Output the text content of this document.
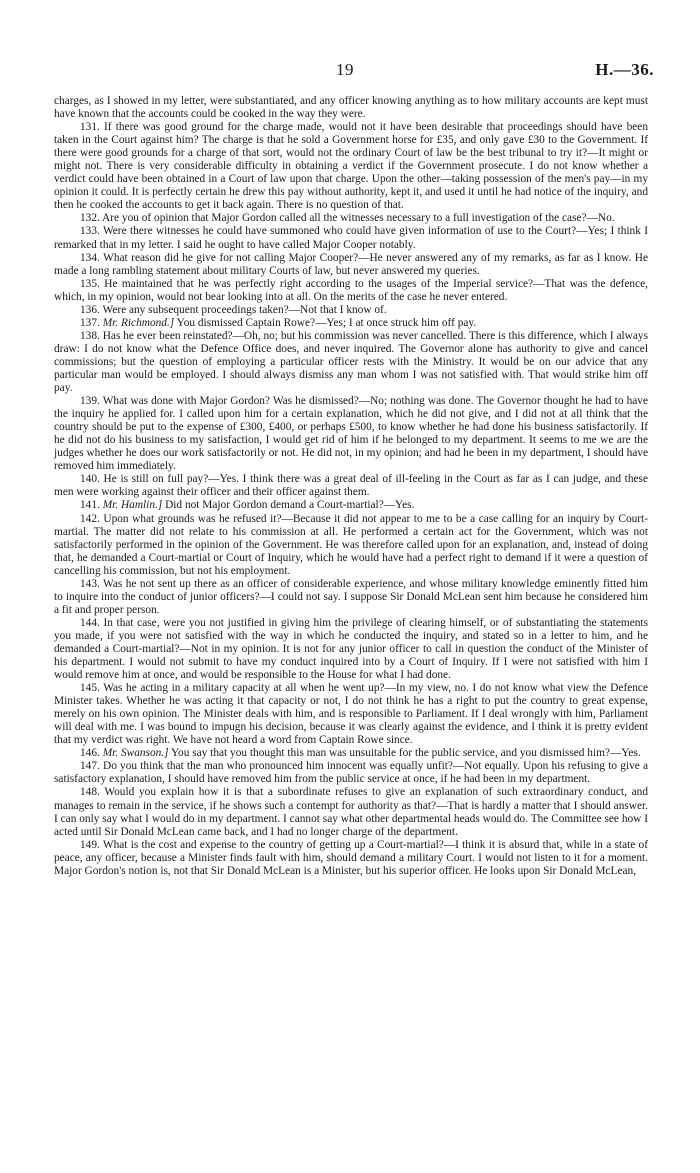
19	H.—36.

charges, as I showed in my letter, were substantiated, and any officer knowing anything as to how military accounts are kept must have known that the accounts could be cooked in the way they were.

131. If there was good ground for the charge made, would not it have been desirable that proceedings should have been taken in the Court against him? The charge is that he sold a Government horse for £35, and only gave £30 to the Government. If there were good grounds for a charge of that sort, would not the ordinary Court of law be the best tribunal to try it?—It might or might not. There is very considerable difficulty in obtaining a verdict if the Government prosecute. I do not know whether a verdict could have been obtained in a Court of law upon that charge. Upon the other—taking possession of the men's pay—in my opinion it could. It is perfectly certain he drew this pay without authority, kept it, and used it until he had notice of the inquiry, and then he cooked the accounts to get it back again. There is no question of that.

132. Are you of opinion that Major Gordon called all the witnesses necessary to a full investigation of the case?—No.

133. Were there witnesses he could have summoned who could have given information of use to the Court?—Yes; I think I remarked that in my letter. I said he ought to have called Major Cooper notably.

134. What reason did he give for not calling Major Cooper?—He never answered any of my remarks, as far as I know. He made a long rambling statement about military Courts of law, but never answered my queries.

135. He maintained that he was perfectly right according to the usages of the Imperial service?—That was the defence, which, in my opinion, would not bear looking into at all. On the merits of the case he never entered.

136. Were any subsequent proceedings taken?—Not that I know of.

137. Mr. Richmond.] You dismissed Captain Rowe?—Yes; I at once struck him off pay.

138. Has he ever been reinstated?—Oh, no; but his commission was never cancelled. There is this difference, which I always draw: I do not know what the Defence Office does, and never inquired. The Governor alone has authority to give and cancel commissions; but the question of employing a particular officer rests with the Ministry. It would be on our advice that any particular man would be employed. I should always dismiss any man whom I was not satisfied with. That would strike him off pay.

139. What was done with Major Gordon? Was he dismissed?—No; nothing was done. The Governor thought he had to have the inquiry he applied for. I called upon him for a certain explanation, which he did not give, and I did not at all think that the country should be put to the expense of £300, £400, or perhaps £500, to know whether he had done his business satisfactorily. If he did not do his business to my satisfaction, I would get rid of him if he belonged to my department. It seems to me we are the judges whether he does our work satisfactorily or not. He did not, in my opinion; and had he been in my department, I should have removed him immediately.

140. He is still on full pay?—Yes. I think there was a great deal of ill-feeling in the Court as far as I can judge, and these men were working against their officer and their officer against them.

141. Mr. Hamlin.] Did not Major Gordon demand a Court-martial?—Yes.

142. Upon what grounds was he refused it?—Because it did not appear to me to be a case calling for an inquiry by Court-martial. The matter did not relate to his commission at all. He performed a certain act for the Government, which was not satisfactorily performed in the opinion of the Government. He was therefore called upon for an explanation, and, instead of doing that, he demanded a Court-martial or Court of Inquiry, which he would have had a perfect right to demand if it were a question of cancelling his commission, but not his employment.

143. Was he not sent up there as an officer of considerable experience, and whose military knowledge eminently fitted him to inquire into the conduct of junior officers?—I could not say. I suppose Sir Donald McLean sent him because he considered him a fit and proper person.

144. In that case, were you not justified in giving him the privilege of clearing himself, or of substantiating the statements you made, if you were not satisfied with the way in which he conducted the inquiry, and stated so in a letter to him, and he demanded a Court-martial?—Not in my opinion. It is not for any junior officer to call in question the conduct of the Minister of his department. I would not submit to have my conduct inquired into by a Court of Inquiry. If I were not satisfied with him I would remove him at once, and would be responsible to the House for what I had done.

145. Was he acting in a military capacity at all when he went up?—In my view, no. I do not know what view the Defence Minister takes. Whether he was acting it that capacity or not, I do not think he has a right to put the country to great expense, merely on his own opinion. The Minister deals with him, and is responsible to Parliament. If I deal wrongly with him, Parliament will deal with me. I was bound to impugn his decision, because it was clearly against the evidence, and I think it is pretty evident that my verdict was right. We have not heard a word from Captain Rowe since.

146. Mr. Swanson.] You say that you thought this man was unsuitable for the public service, and you dismissed him?—Yes.

147. Do you think that the man who pronounced him innocent was equally unfit?—Not equally. Upon his refusing to give a satisfactory explanation, I should have removed him from the public service at once, if he had been in my department.

148. Would you explain how it is that a subordinate refuses to give an explanation of such extraordinary conduct, and manages to remain in the service, if he shows such a contempt for authority as that?—That is hardly a matter that I should answer. I can only say what I would do in my department. I cannot say what other departmental heads would do. The Committee see how I acted until Sir Donald McLean came back, and I had no longer charge of the department.

149. What is the cost and expense to the country of getting up a Court-martial?—I think it is absurd that, while in a state of peace, any officer, because a Minister finds fault with him, should demand a military Court. I would not listen to it for a moment. Major Gordon's notion is, not that Sir Donald McLean is a Minister, but his superior officer. He looks upon Sir Donald McLean,
